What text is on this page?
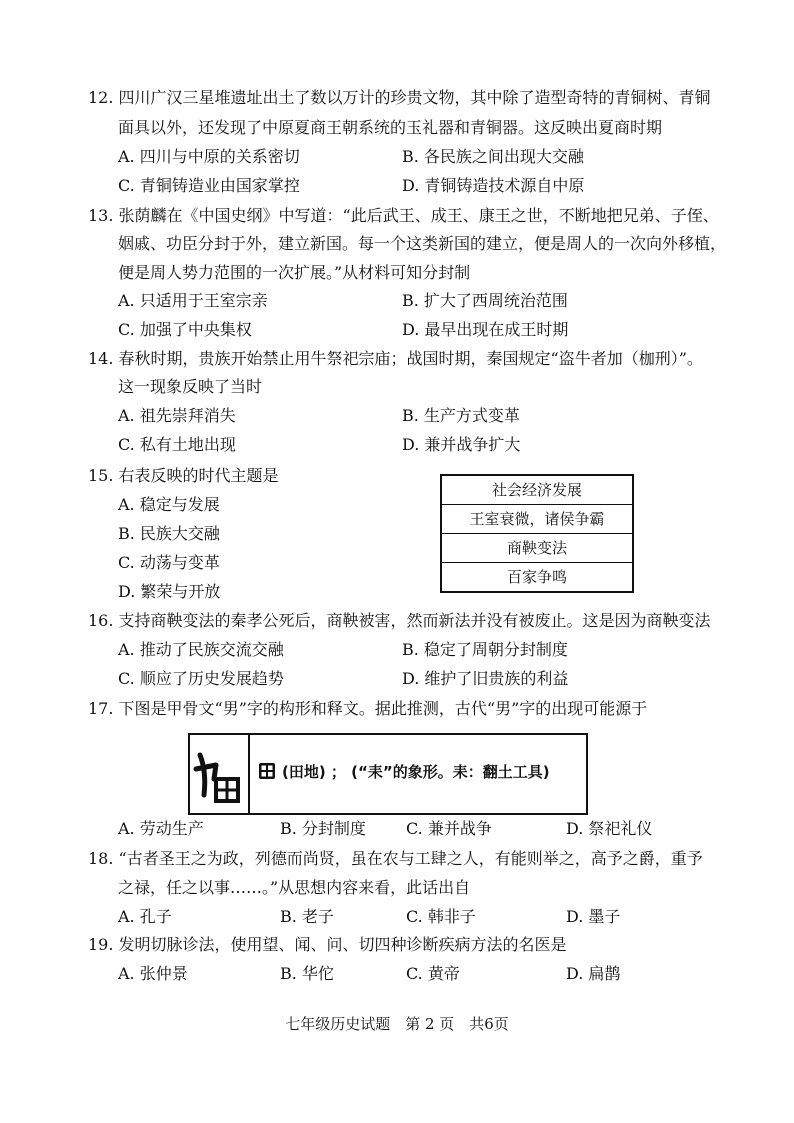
12. 四川广汉三星堆遗址出土了数以万计的珍贵文物，其中除了造型奇特的青铜树、青铜
面具以外，还发现了中原夏商王朝系统的玉礼器和青铜器。这反映出夏商时期
A. 四川与中原的关系密切	B. 各民族之间出现大交融
C. 青铜铸造业由国家掌控	D. 青铜铸造技术源自中原
13. 张荫麟在《中国史纲》中写道：“此后武王、成王、康王之世，不断地把兄弟、子侄、
姻戚、功臣分封于外，建立新国。每一个这类新国的建立，便是周人的一次向外移植，
便是周人势力范围的一次扩展。”从材料可知分封制
A. 只适用于王室宗亲	B. 扩大了西周统治范围
C. 加强了中央集权	D. 最早出现在成王时期
14. 春秋时期，贵族开始禁止用牛祭祀宗庙；战国时期，秦国规定“盗牛者加（枷刑）”。
这一现象反映了当时
A. 祖先崇拜消失	B. 生产方式变革
C. 私有土地出现	D. 兼并战争扩大
15. 右表反映的时代主题是
A. 稳定与发展
B. 民族大交融
C. 动荡与变革
D. 繁荣与开放
社会经济发展
王室衰微，诸侯争霸
商鞅变法
百家争鸣
16. 支持商鞅变法的秦孝公死后，商鞅被害，然而新法并没有被废止。这是因为商鞅变法
A. 推动了民族交流交融	B. 稳定了周朝分封制度
C. 顺应了历史发展趋势	D. 维护了旧贵族的利益
17. 下图是甲骨文“男”字的构形和释文。据此推测，古代“男”字的出现可能源于
(田地) ； (“耒”的象形。耒：翻土工具)
A. 劳动生产	B. 分封制度	C. 兼并战争	D. 祭祀礼仪
18. “古者圣王之为政，列德而尚贤，虽在农与工肆之人，有能则举之，高予之爵，重予
之禄，任之以事……。”从思想内容来看，此话出自
A. 孔子	B. 老子	C. 韩非子	D. 墨子
19. 发明切脉诊法，使用望、闻、问、切四种诊断疾病方法的名医是
A. 张仲景	B. 华佗	C. 黄帝	D. 扁鹊
七年级历史试题　第 2 页　共6页
